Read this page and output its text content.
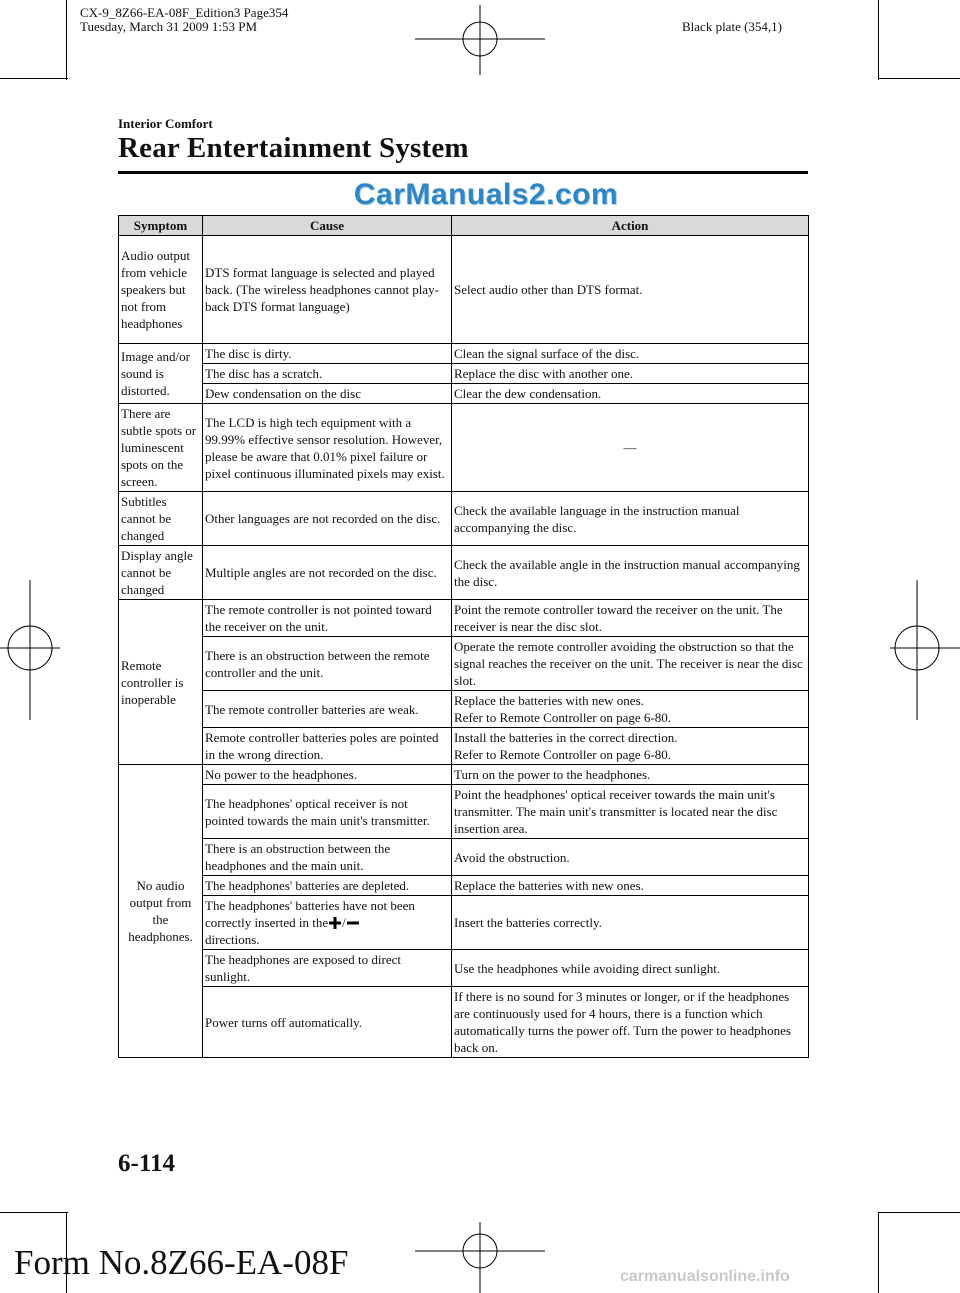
CX-9_8Z66-EA-08F_Edition3 Page354
Tuesday, March 31 2009 1:53 PM	Black plate (354,1)
Interior Comfort
Rear Entertainment System
CarManuals2.com
Symptom	Cause	Action
Audio output from vehicle speakers but not from headphones	DTS format language is selected and played back. (The wireless headphones cannot play-back DTS format language)	Select audio other than DTS format.
Image and/or sound is distorted.	The disc is dirty.	Clean the signal surface of the disc.
	The disc has a scratch.	Replace the disc with another one.
	Dew condensation on the disc	Clear the dew condensation.
There are subtle spots or luminescent spots on the screen.	The LCD is high tech equipment with a 99.99% effective sensor resolution. However, please be aware that 0.01% pixel failure or pixel continuous illuminated pixels may exist.	—
Subtitles cannot be changed	Other languages are not recorded on the disc.	Check the available language in the instruction manual accompanying the disc.
Display angle cannot be changed	Multiple angles are not recorded on the disc.	Check the available angle in the instruction manual accompanying the disc.
Remote controller is inoperable	The remote controller is not pointed toward the receiver on the unit.	Point the remote controller toward the receiver on the unit. The receiver is near the disc slot.
	There is an obstruction between the remote controller and the unit.	Operate the remote controller avoiding the obstruction so that the signal reaches the receiver on the unit. The receiver is near the disc slot.
	The remote controller batteries are weak.	Replace the batteries with new ones.
Refer to Remote Controller on page 6-80.
	Remote controller batteries poles are pointed in the wrong direction.	Install the batteries in the correct direction.
Refer to Remote Controller on page 6-80.
No audio output from the headphones.	No power to the headphones.	Turn on the power to the headphones.
	The headphones' optical receiver is not pointed towards the main unit's transmitter.	Point the headphones' optical receiver towards the main unit's transmitter. The main unit's transmitter is located near the disc insertion area.
	There is an obstruction between the headphones and the main unit.	Avoid the obstruction.
	The headphones' batteries are depleted.	Replace the batteries with new ones.
	The headphones' batteries have not been correctly inserted in the /
directions.	Insert the batteries correctly.
	The headphones are exposed to direct sunlight.	Use the headphones while avoiding direct sunlight.
	Power turns off automatically.	If there is no sound for 3 minutes or longer, or if the headphones are continuously used for 4 hours, there is a function which automatically turns the power off. Turn the power to headphones back on.
6-114
Form No.8Z66-EA-08F	carmanualsonline.info
